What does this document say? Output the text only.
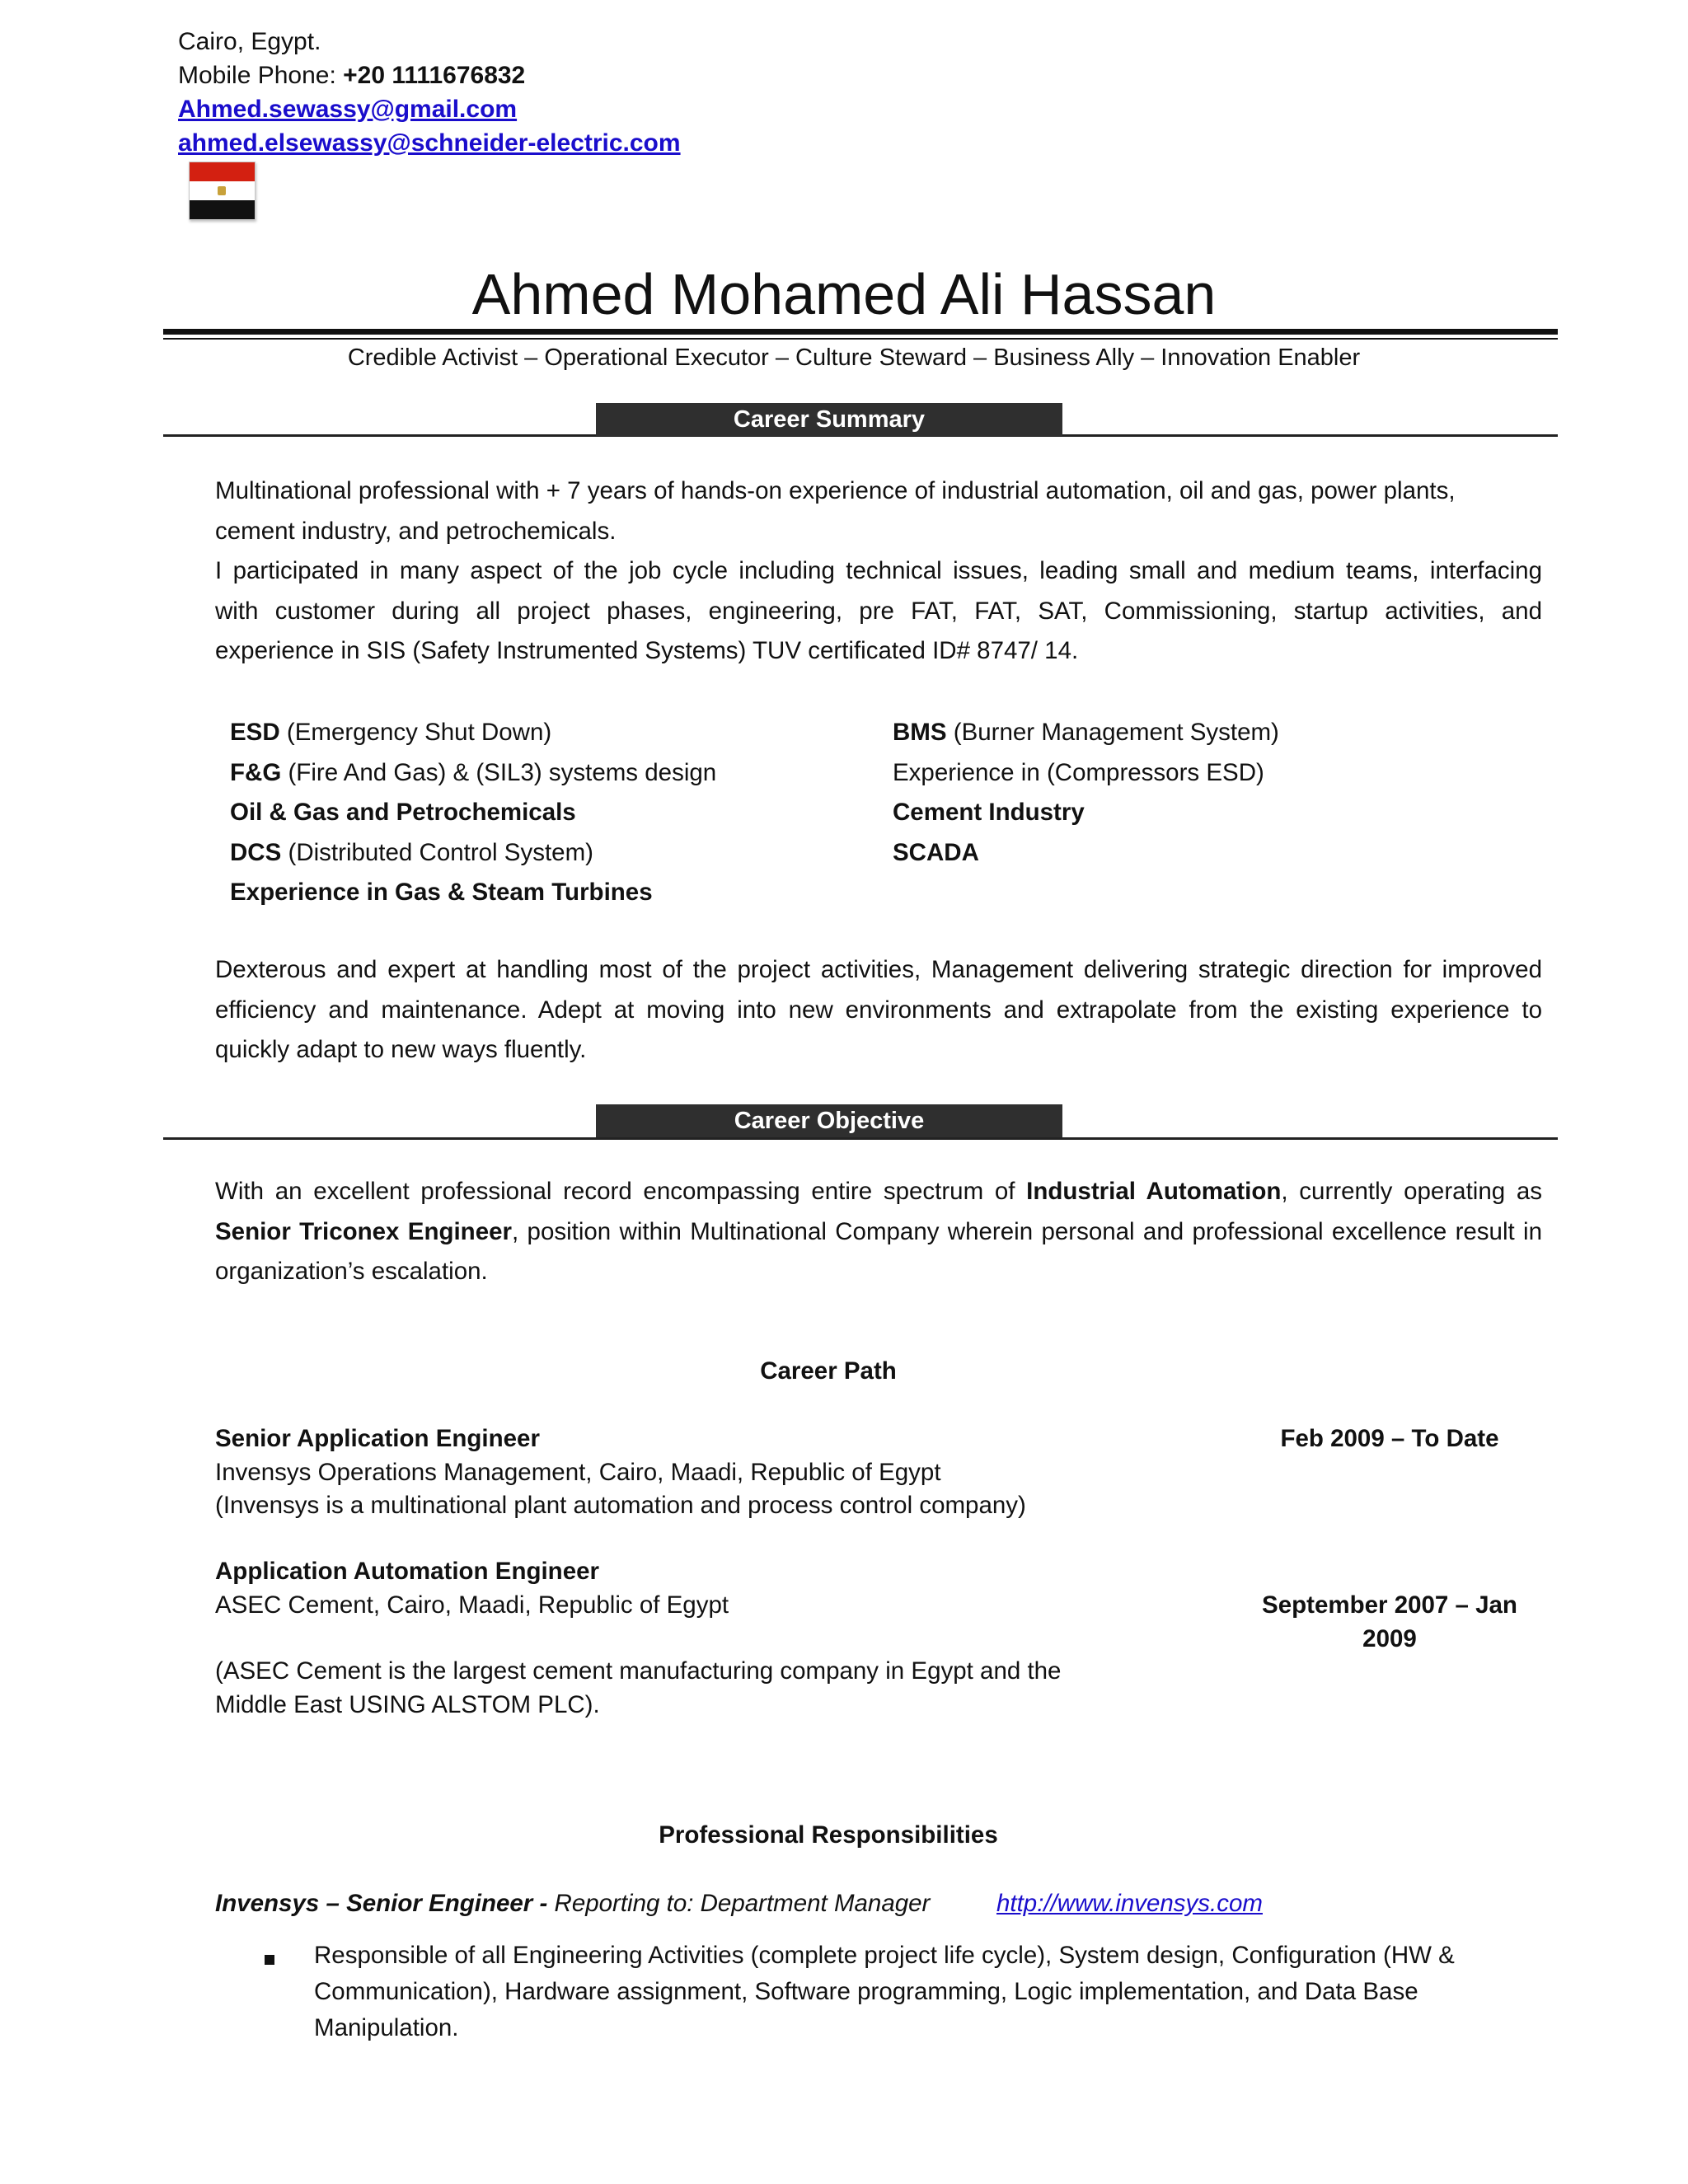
Cairo, Egypt.
Mobile Phone: +20 1111676832
Ahmed.sewassy@gmail.com
ahmed.elsewassy@schneider-electric.com
Ahmed Mohamed Ali Hassan
Credible Activist – Operational Executor – Culture Steward – Business Ally – Innovation Enabler
Career Summary
Multinational professional with + 7 years of hands-on experience of industrial automation, oil and gas, power plants,
cement industry, and petrochemicals.
I participated in many aspect of the job cycle including technical issues, leading small and medium teams, interfacing
with customer during all project phases, engineering, pre FAT, FAT, SAT, Commissioning, startup activities, and
experience in SIS (Safety Instrumented Systems) TUV certificated ID# 8747/ 14.
ESD (Emergency Shut Down)
F&G (Fire And Gas) & (SIL3) systems design
Oil & Gas and Petrochemicals
DCS (Distributed Control System)
Experience in Gas & Steam Turbines
BMS (Burner Management System)
Experience in (Compressors ESD)
Cement Industry
SCADA
Dexterous and expert at handling most of the project activities, Management delivering strategic direction for improved
efficiency and maintenance. Adept at moving into new environments and extrapolate from the existing experience to
quickly adapt to new ways fluently.
Career Objective
With an excellent professional record encompassing entire spectrum of Industrial Automation, currently operating as
Senior Triconex Engineer, position within Multinational Company wherein personal and professional excellence result in
organization’s escalation.
Career Path
Senior Application Engineer
Invensys Operations Management, Cairo, Maadi, Republic of Egypt
(Invensys is a multinational plant automation and process control company)
Feb 2009 – To Date
Application Automation Engineer
ASEC Cement, Cairo, Maadi, Republic of Egypt
(ASEC Cement is the largest cement manufacturing company in Egypt and the
Middle East USING ALSTOM PLC).
September 2007 – Jan
2009
Professional Responsibilities
Invensys – Senior Engineer - Reporting to: Department Manager	http://www.invensys.com
Responsible of all Engineering Activities (complete project life cycle), System design, Configuration (HW &
Communication), Hardware assignment, Software programming, Logic implementation, and Data Base
Manipulation.
